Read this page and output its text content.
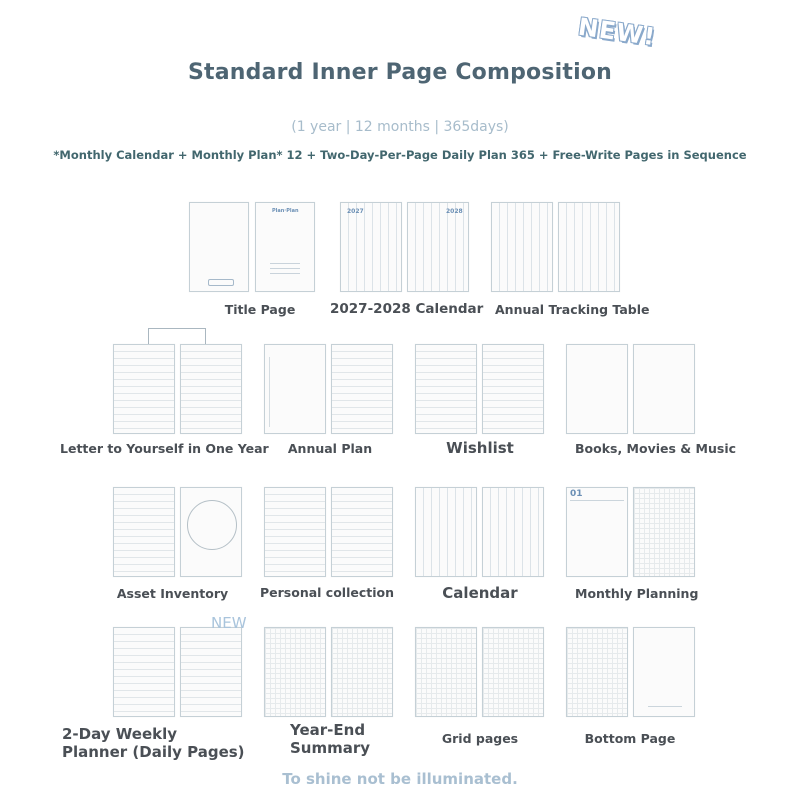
Standard Inner Page Composition
NEW!
(1 year | 12 months | 365days)
*Monthly Calendar + Monthly Plan* 12 + Two-Day-Per-Page Daily Plan 365 + Free-Write Pages in Sequence
Plan·Plan
Title Page
2027	2028
2027-2028 Calendar Annual Tracking Table
Letter to Yourself in One Year	Annual Plan	Wishlist	Books, Movies & Music
Asset Inventory	Personal collection	Calendar
01
Monthly Planning
NEW
2-Day Weekly Planner (Daily Pages)
Year-End Summary
Grid pages	Bottom Page
To shine not be illuminated.
